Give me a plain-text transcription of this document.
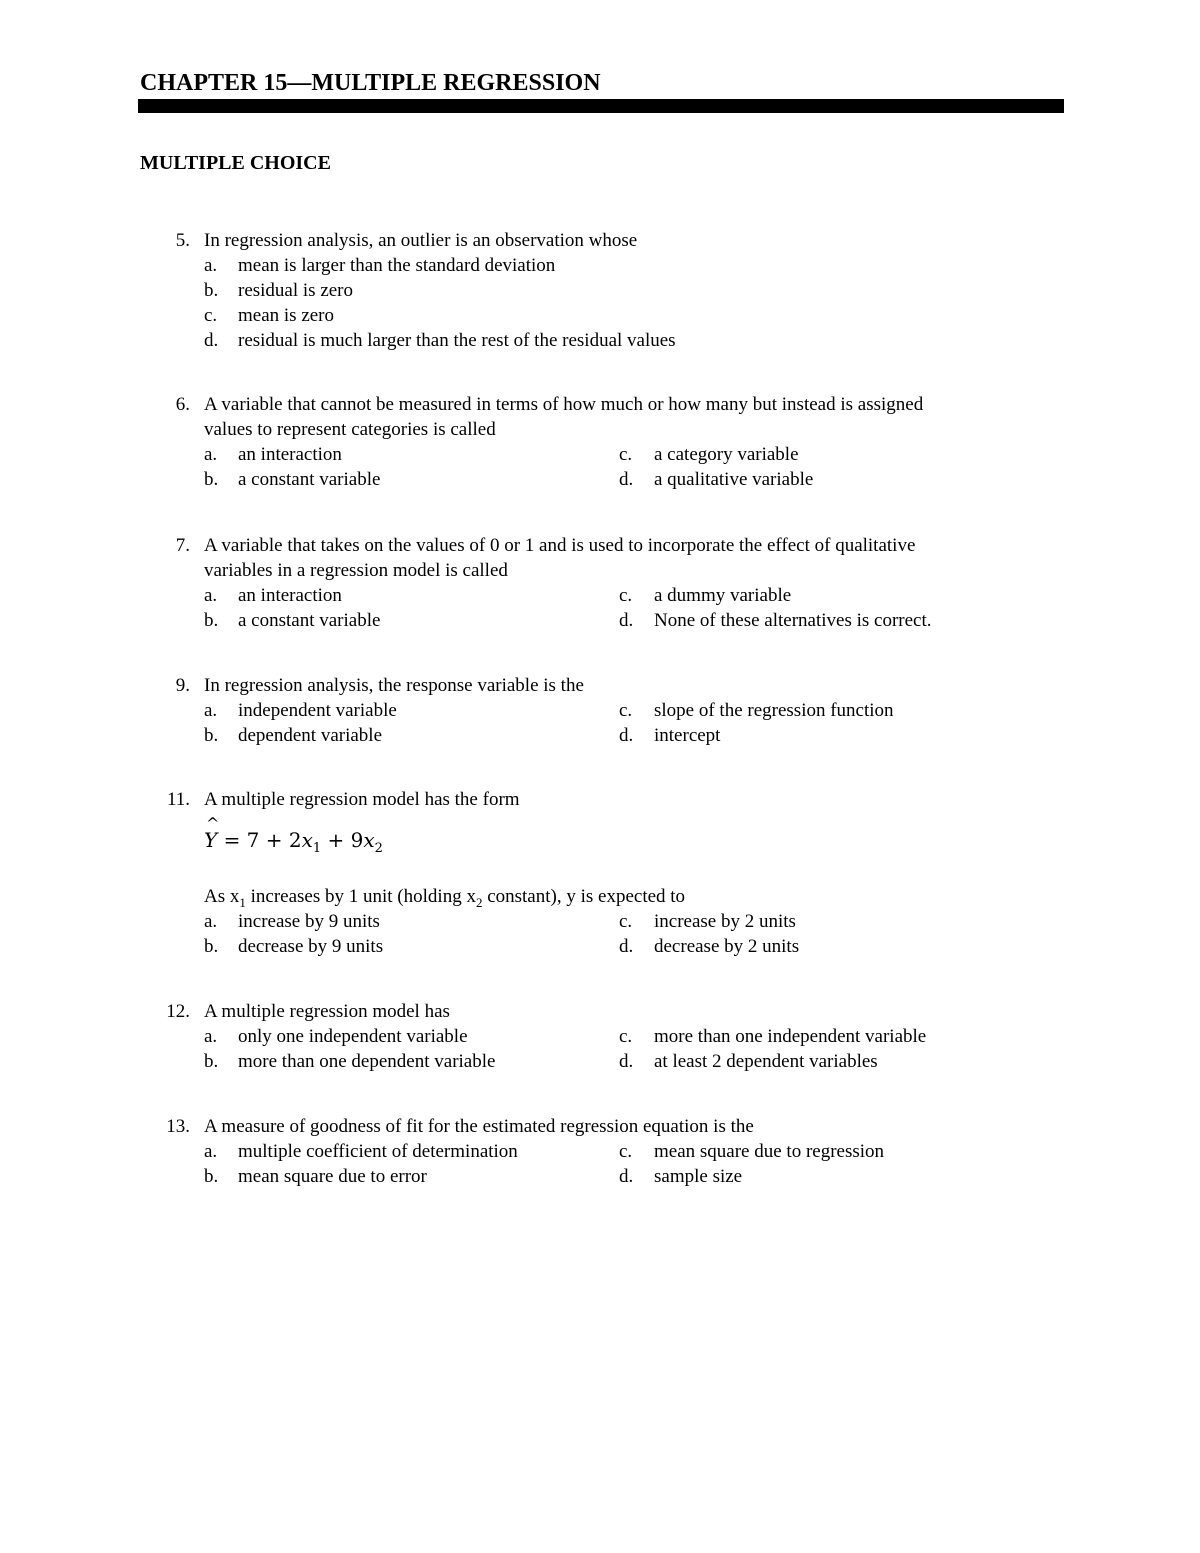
CHAPTER 15—MULTIPLE REGRESSION
MULTIPLE CHOICE
5. In regression analysis, an outlier is an observation whose
a. mean is larger than the standard deviation
b. residual is zero
c. mean is zero
d. residual is much larger than the rest of the residual values
6. A variable that cannot be measured in terms of how much or how many but instead is assigned
values to represent categories is called
a. an interaction	c. a category variable
b. a constant variable	d. a qualitative variable
7. A variable that takes on the values of 0 or 1 and is used to incorporate the effect of qualitative
variables in a regression model is called
a. an interaction	c. a dummy variable
b. a constant variable	d. None of these alternatives is correct.
9. In regression analysis, the response variable is the
a. independent variable	c. slope of the regression function
b. dependent variable	d. intercept
11. A multiple regression model has the form
^
$Y = 7 + 2x_1 + 9x_2$
As $x_1$ increases by 1 unit (holding $x_2$ constant), y is expected to
a. increase by 9 units	c. increase by 2 units
b. decrease by 9 units	d. decrease by 2 units
12. A multiple regression model has
a. only one independent variable	c. more than one independent variable
b. more than one dependent variable	d. at least 2 dependent variables
13. A measure of goodness of fit for the estimated regression equation is the
a. multiple coefficient of determination	c. mean square due to regression
b. mean square due to error	d. sample size
